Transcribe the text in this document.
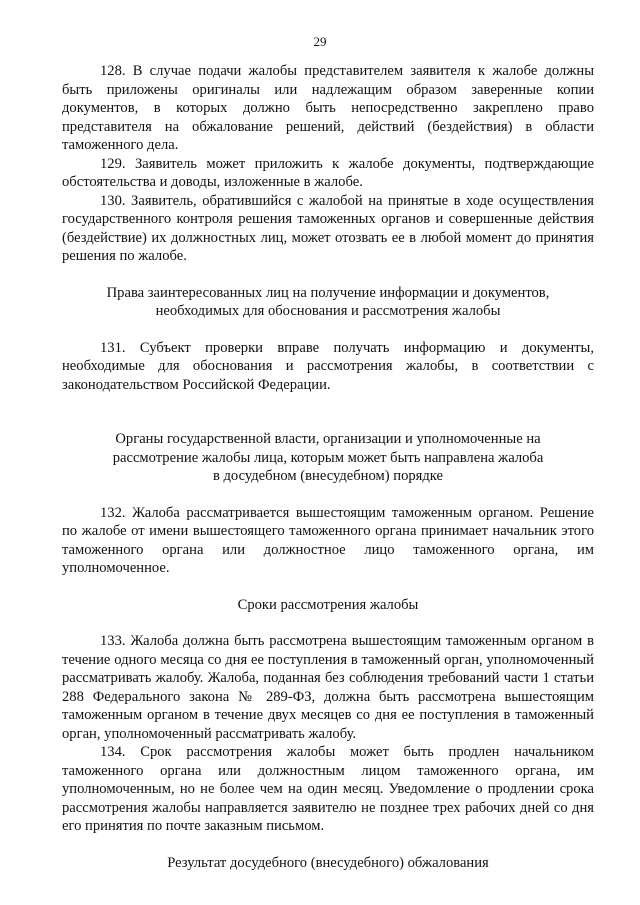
29

128. В случае подачи жалобы представителем заявителя к жалобе должны быть приложены оригиналы или надлежащим образом заверенные копии документов, в которых должно быть непосредственно закреплено право представителя на обжалование решений, действий (бездействия) в области таможенного дела.

129. Заявитель может приложить к жалобе документы, подтверждающие обстоятельства и доводы, изложенные в жалобе.

130. Заявитель, обратившийся с жалобой на принятые в ходе осуществления государственного контроля решения таможенных органов и совершенные действия (бездействие) их должностных лиц, может отозвать ее в любой момент до принятия решения по жалобе.

Права заинтересованных лиц на получение информации и документов,
необходимых для обоснования и рассмотрения жалобы

131. Субъект проверки вправе получать информацию и документы, необходимые для обоснования и рассмотрения жалобы, в соответствии с законодательством Российской Федерации.

Органы государственной власти, организации и уполномоченные на
рассмотрение жалобы лица, которым может быть направлена жалоба
в досудебном (внесудебном) порядке

132. Жалоба рассматривается вышестоящим таможенным органом. Решение по жалобе от имени вышестоящего таможенного органа принимает начальник этого таможенного органа или должностное лицо таможенного органа, им уполномоченное.

Сроки рассмотрения жалобы

133. Жалоба должна быть рассмотрена вышестоящим таможенным органом в течение одного месяца со дня ее поступления в таможенный орган, уполномоченный рассматривать жалобу. Жалоба, поданная без соблюдения требований части 1 статьи 288 Федерального закона № 289-ФЗ, должна быть рассмотрена вышестоящим таможенным органом в течение двух месяцев со дня ее поступления в таможенный орган, уполномоченный рассматривать жалобу.

134. Срок рассмотрения жалобы может быть продлен начальником таможенного органа или должностным лицом таможенного органа, им уполномоченным, но не более чем на один месяц. Уведомление о продлении срока рассмотрения жалобы направляется заявителю не позднее трех рабочих дней со дня его принятия по почте заказным письмом.

Результат досудебного (внесудебного) обжалования
